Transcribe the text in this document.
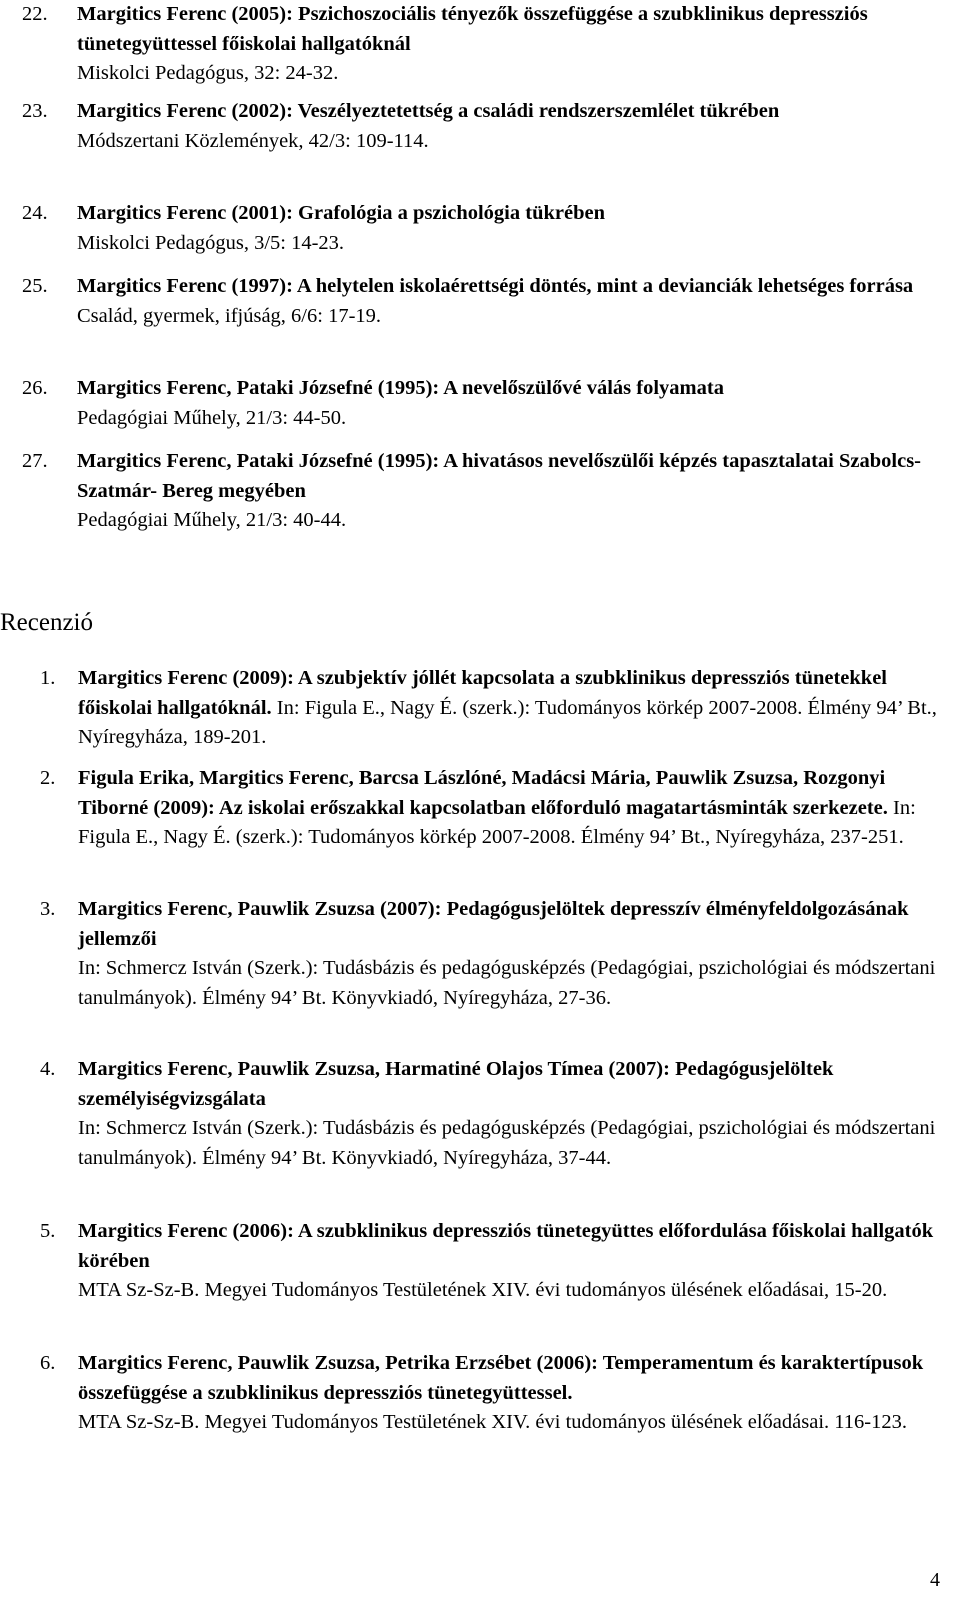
22. Margitics Ferenc (2005): Pszichoszociális tényezők összefüggése a szubklinikus depressziós tünetegyüttessel főiskolai hallgatóknál
Miskolci Pedagógus, 32: 24-32.
23. Margitics Ferenc (2002): Veszélyeztetettség a családi rendszerszemlélet tükrében
Módszertani Közlemények, 42/3: 109-114.
24. Margitics Ferenc (2001): Grafológia a pszichológia tükrében
Miskolci Pedagógus, 3/5: 14-23.
25. Margitics Ferenc (1997): A helytelen iskolaérettségi döntés, mint a devianciák lehetséges forrása
Család, gyermek, ifjúság, 6/6: 17-19.
26. Margitics Ferenc, Pataki Józsefné (1995): A nevelőszülővé válás folyamata
Pedagógiai Műhely, 21/3: 44-50.
27. Margitics Ferenc, Pataki Józsefné (1995): A hivatásos nevelőszülői képzés tapasztalatai Szabolcs-Szatmár- Bereg megyében
Pedagógiai Műhely, 21/3: 40-44.
Recenzió
1. Margitics Ferenc (2009): A szubjektív jóllét kapcsolata a szubklinikus depressziós tünetekkel főiskolai hallgatóknál. In: Figula E., Nagy É. (szerk.): Tudományos körkép 2007-2008. Élmény 94’ Bt., Nyíregyháza, 189-201.
2. Figula Erika, Margitics Ferenc, Barcsa Lászlóné, Madácsi Mária, Pauwlik Zsuzsa, Rozgonyi Tiborné (2009): Az iskolai erőszakkal kapcsolatban előforduló magatartásminták szerkezete. In: Figula E., Nagy É. (szerk.): Tudományos körkép 2007-2008. Élmény 94’ Bt., Nyíregyháza, 237-251.
3. Margitics Ferenc, Pauwlik Zsuzsa (2007): Pedagógusjelöltek depresszív élményfeldolgozásának jellemzői
In: Schmercz István (Szerk.): Tudásbázis és pedagógusképzés (Pedagógiai, pszichológiai és módszertani tanulmányok). Élmény 94’ Bt. Könyvkiadó, Nyíregyháza, 27-36.
4. Margitics Ferenc, Pauwlik Zsuzsa, Harmatiné Olajos Tímea (2007): Pedagógusjelöltek személyiségvizsgálata
In: Schmercz István (Szerk.): Tudásbázis és pedagógusképzés (Pedagógiai, pszichológiai és módszertani tanulmányok). Élmény 94’ Bt. Könyvkiadó, Nyíregyháza, 37-44.
5. Margitics Ferenc (2006): A szubklinikus depressziós tünetegyüttes előfordulása főiskolai hallgatók körében
MTA Sz-Sz-B. Megyei Tudományos Testületének XIV. évi tudományos ülésének előadásai, 15-20.
6. Margitics Ferenc, Pauwlik Zsuzsa, Petrika Erzsébet (2006): Temperamentum és karaktertípusok összefüggése a szubklinikus depressziós tünetegyüttessel.
MTA Sz-Sz-B. Megyei Tudományos Testületének XIV. évi tudományos ülésének előadásai. 116-123.
4
